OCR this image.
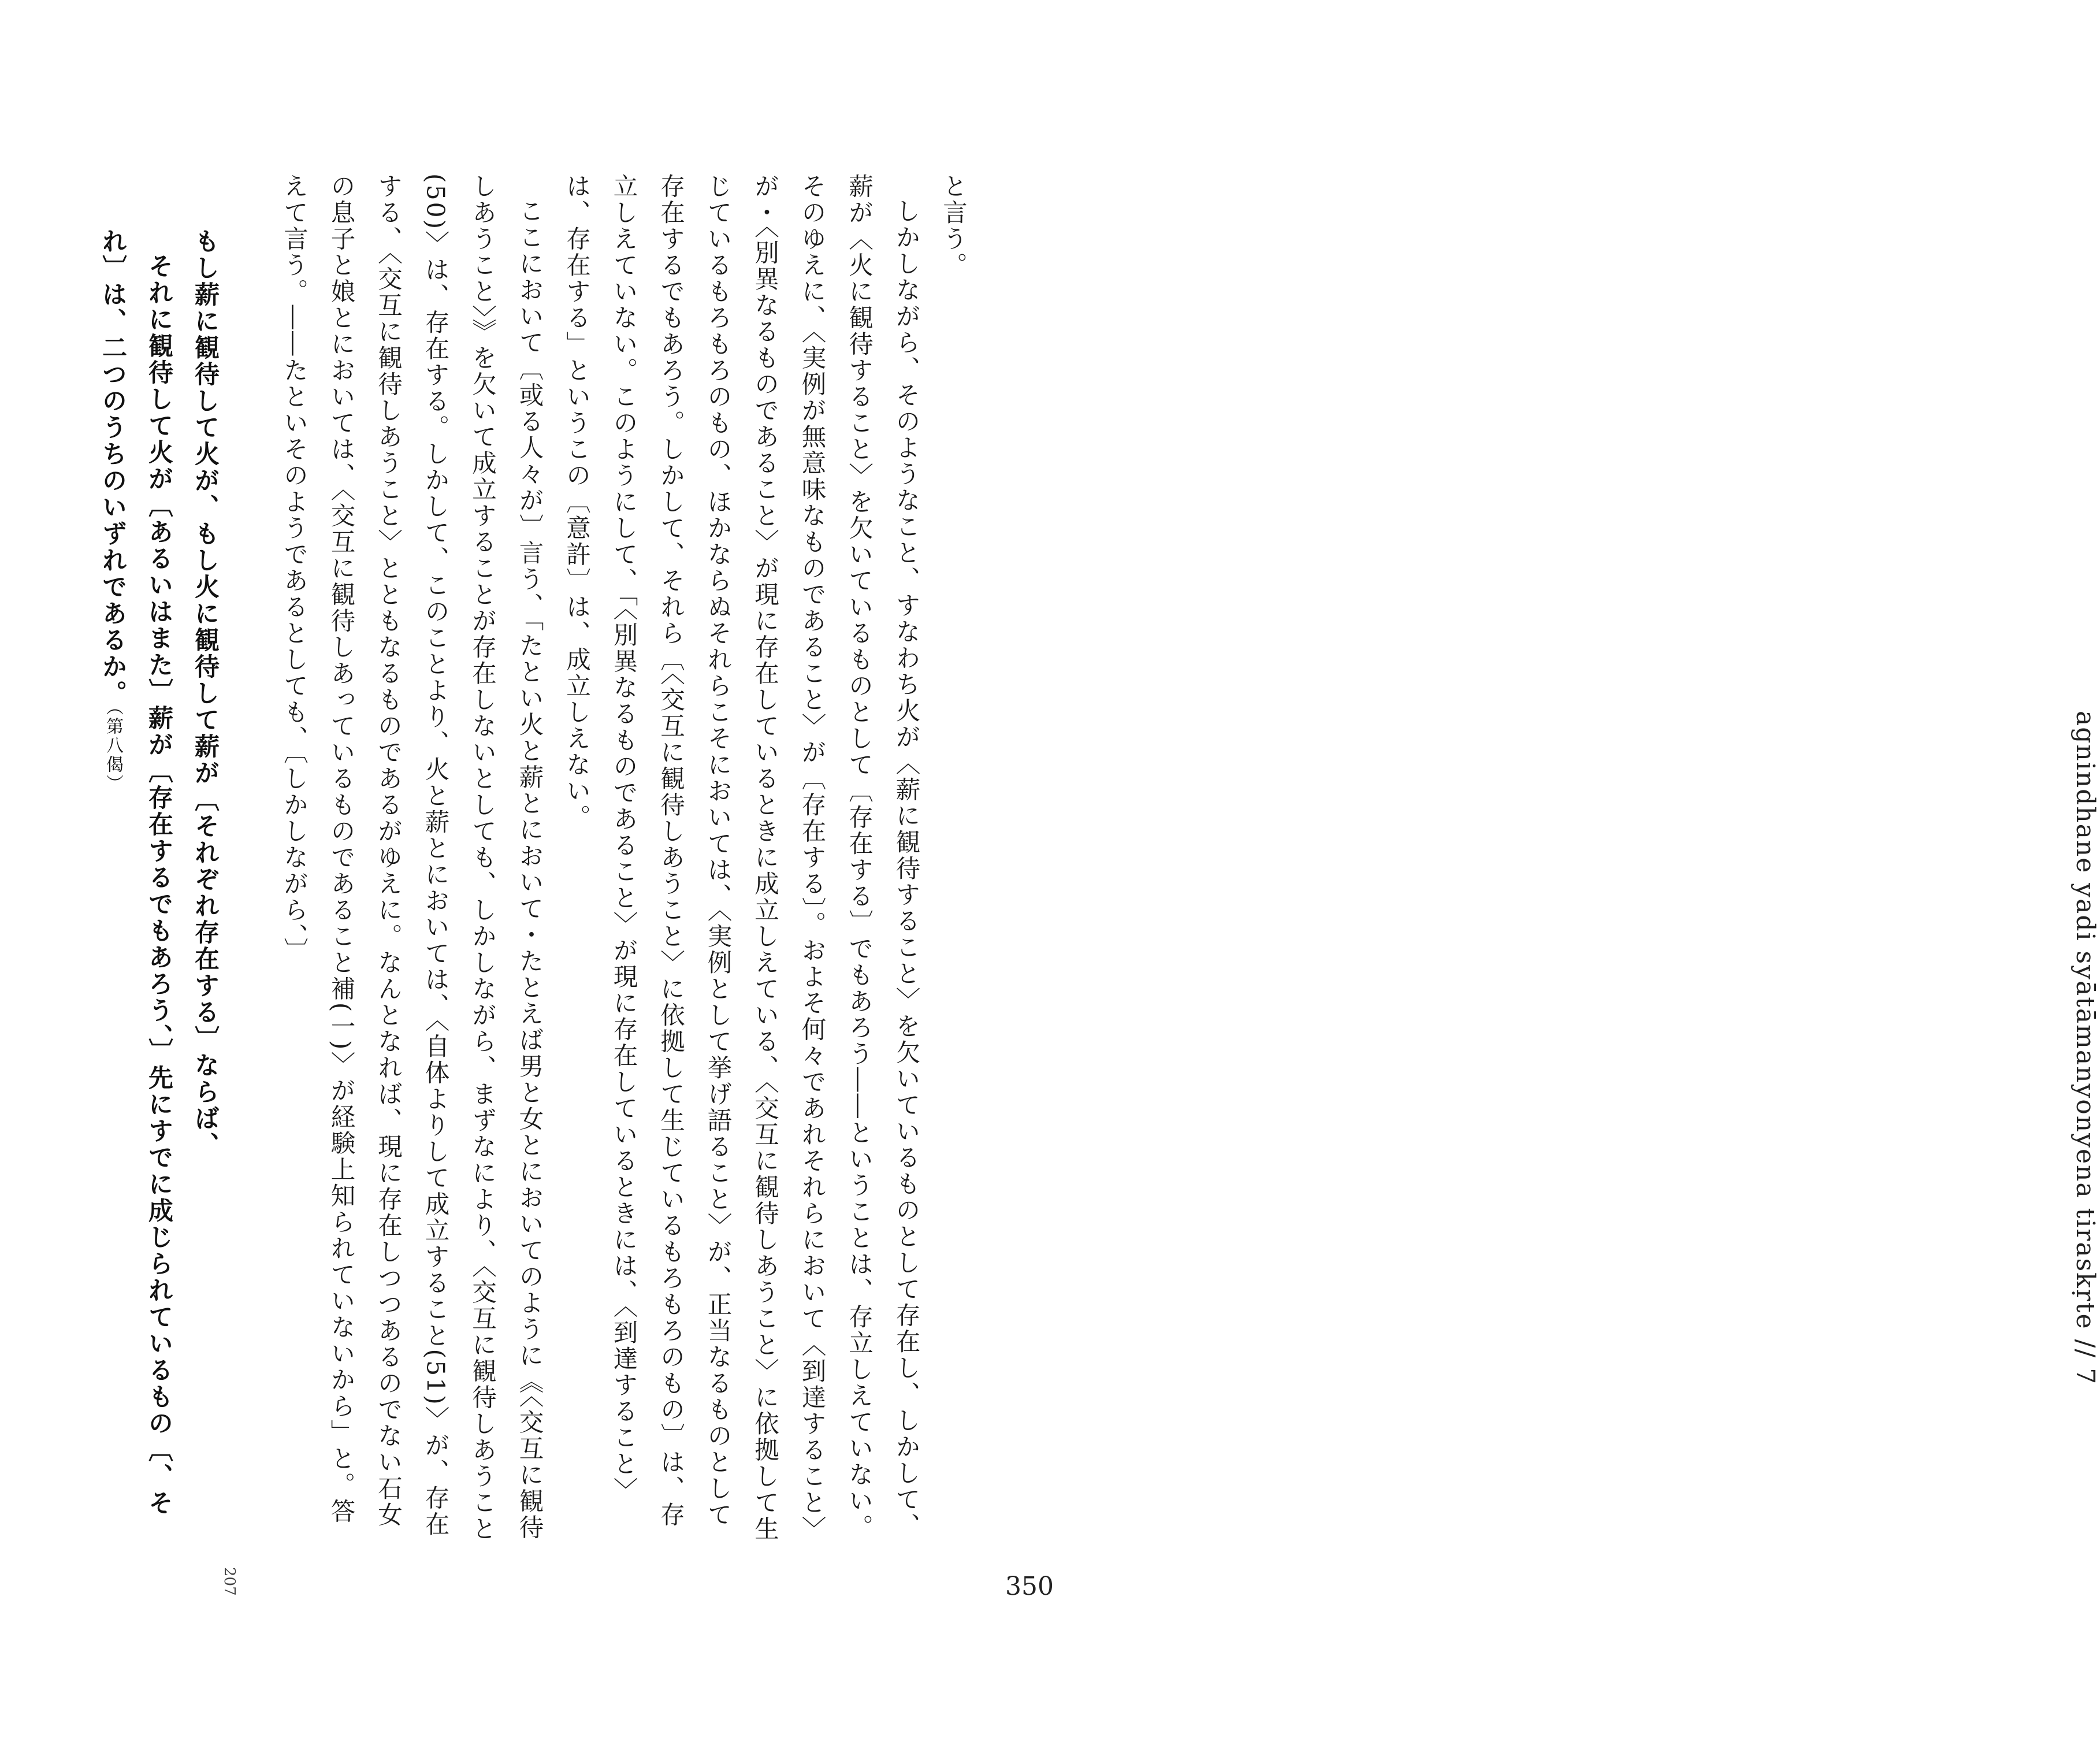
agnindhane yadi syātāmanyonyena tiraskṛte // 7

と言う。

しかしながら、そのようなこと、すなわち火が〈薪に観待すること〉を欠いているものとして存在し、しかして、薪が〈火に観待すること〉を欠いているものとして〔存在する〕でもあろう――ということは、存立しえていない。そのゆえに、〈実例が無意味なものであること〉が〔存在する〕。およそ何々であれそれらにおいて〈到達すること〉が・〈別異なるものであること〉が現に存在しているときに成立しえている、〈交互に観待しあうこと〉に依拠して生じているもろもろのもの、ほかならぬそれらこそにおいては、〈実例として挙げ語ること〉が、正当なるものとして存在するでもあろう。しかして、それら〔〈交互に観待しあうこと〉に依拠して生じているもろもろのもの〕は、存立しえていない。このようにして、「〈別異なるものであること〉が現に存在しているときには、〈到達すること〉は、存在する」というこの〔意許〕は、成立しえない。

ここにおいて〔或る人々が〕言う、「たとい火と薪とにおいて・たとえば男と女とにおいてのように《〈交互に観待しあうこと〉》を欠いて成立することが存在しないとしても、しかしながら、まずなにより、〈交互に観待しあうこと(50)〉は、存在する。しかして、このことより、火と薪とにおいては、〈自体よりして成立すること(51)〉が、存在する、〈交互に観待しあうこと〉とともなるものであるがゆえに。なんとなれば、現に存在しつつあるのでない石女の息子と娘とにおいては、〈交互に観待しあっているものであること補(一)〉が経験上知られていないから」と。答えて言う。――たといそのようであるとしても、〔しかしながら、〕

もし薪に観待して火が、もし火に観待して薪が〔それぞれ存在する〕ならば、

それに観待して火が〔あるいはまた〕薪が〔存在するでもあろう、〕先にすでに成じられているもの〔、そ

れ〕は、二つのうちのいずれであるか。（第八偈）

207	350
